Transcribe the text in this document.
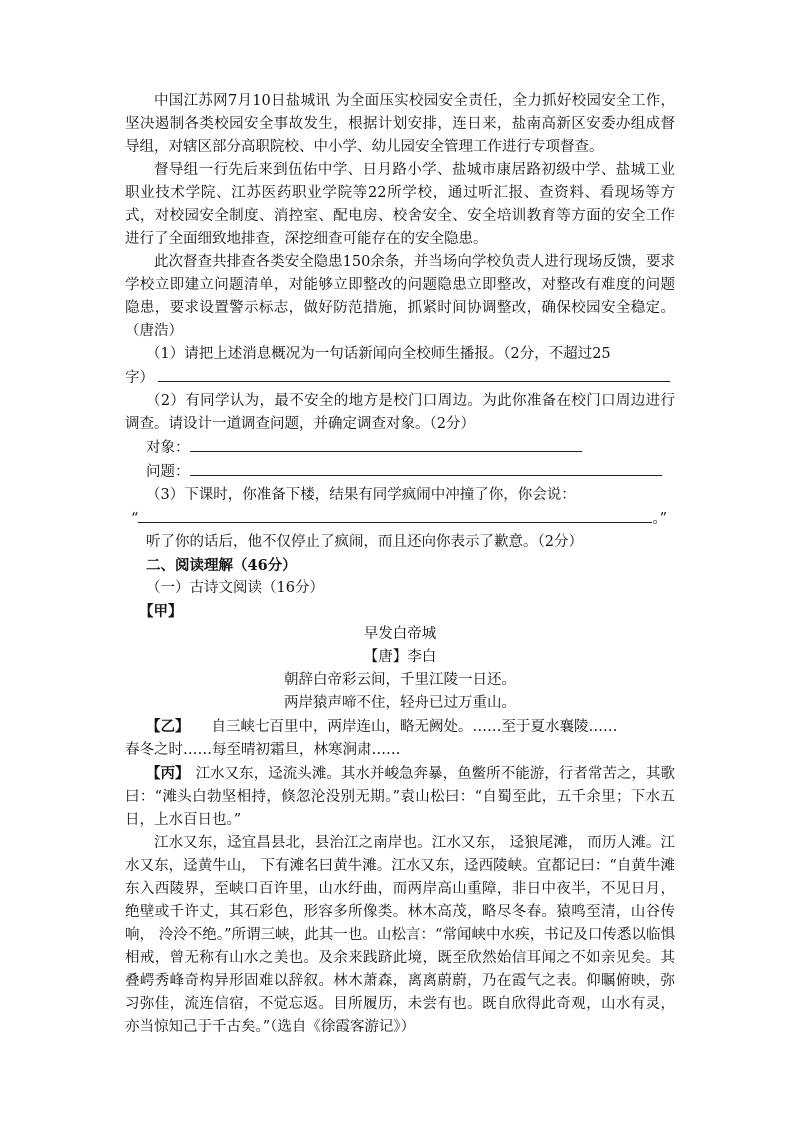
中国江苏网7月10日盐城讯 为全面压实校园安全责任，全力抓好校园安全工作，坚决遏制各类校园安全事故发生，根据计划安排，连日来，盐南高新区安委办组成督导组，对辖区部分高职院校、中小学、幼儿园安全管理工作进行专项督查。

督导组一行先后来到伍佑中学、日月路小学、盐城市康居路初级中学、盐城工业职业技术学院、江苏医药职业学院等22所学校，通过听汇报、查资料、看现场等方式，对校园安全制度、消控室、配电房、校舍安全、安全培训教育等方面的安全工作进行了全面细致地排查，深挖细查可能存在的安全隐患。

此次督查共排查各类安全隐患150余条，并当场向学校负责人进行现场反馈，要求学校立即建立问题清单，对能够立即整改的问题隐患立即整改，对整改有难度的问题隐患，要求设置警示标志，做好防范措施，抓紧时间协调整改，确保校园安全稳定。（唐浩）

（1）请把上述消息概况为一句话新闻向全校师生播报。（2分，不超过25

字）

（2）有同学认为，最不安全的地方是校门口周边。为此你准备在校门口周边进行调查。请设计一道调查问题，并确定调查对象。（2分）

对象：

问题：

（3）下课时，你准备下楼，结果有同学疯闹中冲撞了你，你会说：

“	。”

听了你的话后，他不仅停止了疯闹，而且还向你表示了歉意。（2分）

二、阅读理解（46分）

（一）古诗文阅读（16分）

【甲】

早发白帝城

【唐】李白

朝辞白帝彩云间，千里江陵一日还。

两岸猿声啼不住，轻舟已过万重山。

【乙】 自三峡七百里中，两岸连山，略无阙处。……至于夏水襄陵……

春冬之时……每至晴初霜旦，林寒涧肃……

【丙】 江水又东，迳流头滩。其水并峻急奔暴，鱼鳖所不能游，行者常苦之，其歌曰：“滩头白勃坚相持，倏忽沦没别无期。”袁山松曰：“自蜀至此，五千余里；下水五日，上水百日也。”

江水又东，迳宜昌县北，县治江之南岸也。江水又东， 迳狼尾滩， 而历人滩。江水又东，迳黄牛山， 下有滩名曰黄牛滩。江水又东，迳西陵峡。宜都记曰：“自黄牛滩东入西陵界，至峡口百许里，山水纡曲，而两岸高山重障，非日中夜半，不见日月，绝壁或千许丈，其石彩色，形容多所像类。林木高茂，略尽冬春。猿鸣至清，山谷传响， 泠泠不绝。”所谓三峡，此其一也。山松言：“常闻峡中水疾，书记及口传悉以临惧相戒，曾无称有山水之美也。及余来践跻此境，既至欣然始信耳闻之不如亲见矣。其叠崿秀峰奇构异形固难以辞叙。林木萧森，离离蔚蔚，乃在霞气之表。仰瞩俯映，弥习弥佳，流连信宿，不觉忘返。目所履历，未尝有也。既自欣得此奇观，山水有灵，亦当惊知己于千古矣。”（选自《徐霞客游记》）
